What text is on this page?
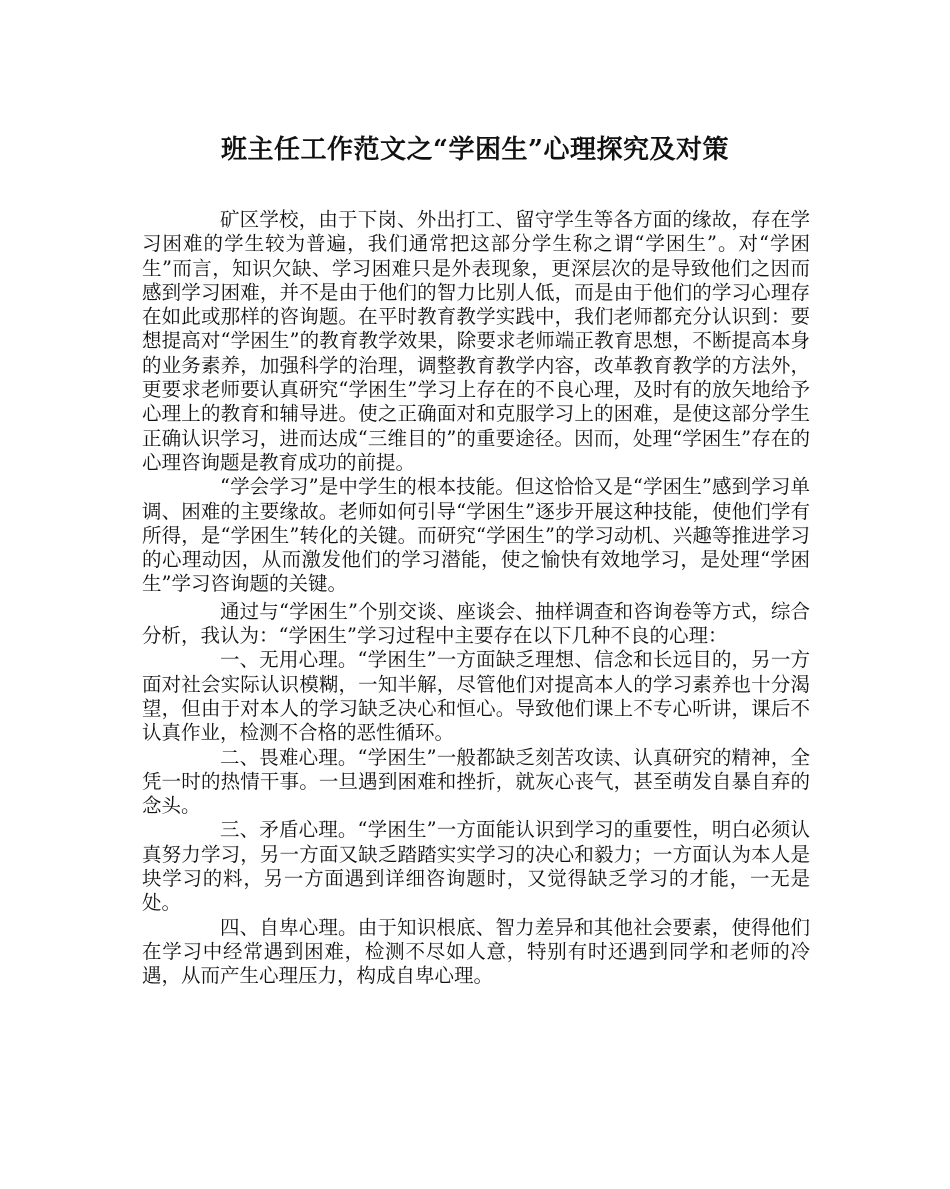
班主任工作范文之“学困生”心理探究及对策

矿区学校，由于下岗、外出打工、留守学生等各方面的缘故，存在学习困难的学生较为普遍，我们通常把这部分学生称之谓“学困生”。对“学困生”而言，知识欠缺、学习困难只是外表现象，更深层次的是导致他们之因而感到学习困难，并不是由于他们的智力比别人低，而是由于他们的学习心理存在如此或那样的咨询题。在平时教育教学实践中，我们老师都充分认识到：要想提高对“学困生”的教育教学效果，除要求老师端正教育思想，不断提高本身的业务素养，加强科学的治理，调整教育教学内容，改革教育教学的方法外，更要求老师要认真研究“学困生”学习上存在的不良心理，及时有的放矢地给予心理上的教育和辅导进。使之正确面对和克服学习上的困难，是使这部分学生正确认识学习，进而达成“三维目的”的重要途径。因而，处理“学困生”存在的心理咨询题是教育成功的前提。

“学会学习”是中学生的根本技能。但这恰恰又是“学困生”感到学习单调、困难的主要缘故。老师如何引导“学困生”逐步开展这种技能，使他们学有所得，是“学困生”转化的关键。而研究“学困生”的学习动机、兴趣等推进学习的心理动因，从而激发他们的学习潜能，使之愉快有效地学习，是处理“学困生”学习咨询题的关键。

通过与“学困生”个别交谈、座谈会、抽样调查和咨询卷等方式，综合分析，我认为：“学困生”学习过程中主要存在以下几种不良的心理：

一、无用心理。“学困生”一方面缺乏理想、信念和长远目的，另一方面对社会实际认识模糊，一知半解，尽管他们对提高本人的学习素养也十分渴望，但由于对本人的学习缺乏决心和恒心。导致他们课上不专心听讲，课后不认真作业，检测不合格的恶性循环。

二、畏难心理。“学困生”一般都缺乏刻苦攻读、认真研究的精神，全凭一时的热情干事。一旦遇到困难和挫折，就灰心丧气，甚至萌发自暴自弃的念头。

三、矛盾心理。“学困生”一方面能认识到学习的重要性，明白必须认真努力学习，另一方面又缺乏踏踏实实学习的决心和毅力；一方面认为本人是块学习的料，另一方面遇到详细咨询题时，又觉得缺乏学习的才能，一无是处。

四、自卑心理。由于知识根底、智力差异和其他社会要素，使得他们在学习中经常遇到困难，检测不尽如人意，特别有时还遇到同学和老师的冷遇，从而产生心理压力，构成自卑心理。
